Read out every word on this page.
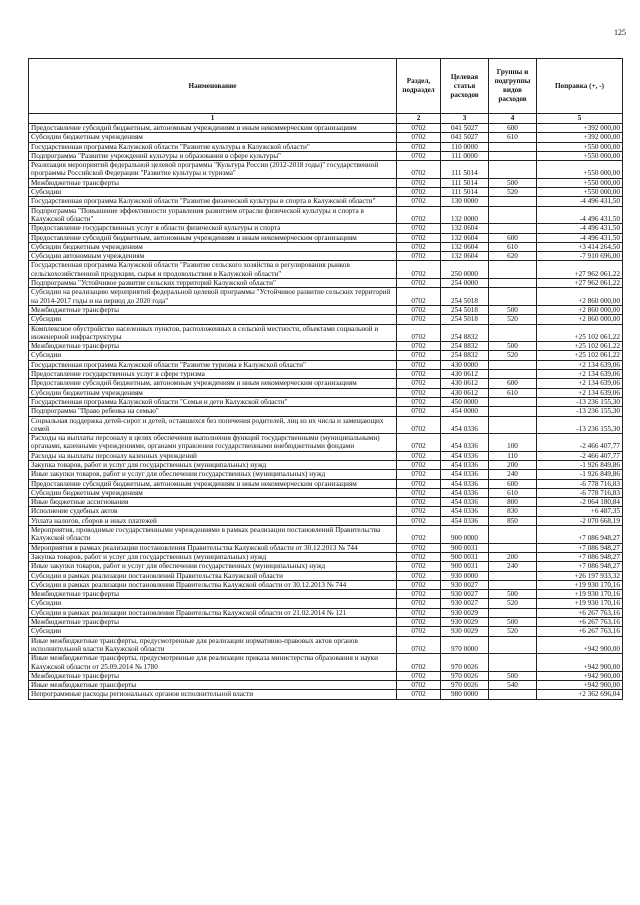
125
Наименование	Раздел, подраздел	Целевая статья расходов	Группы и подгруппы видов расходов	Поправка (+, -)
1	2	3	4	5
Предоставление субсидий бюджетным, автономным учреждениям и иным некоммерческим организациям	0702	041 5027	600	+392 000,00
Субсидии бюджетным учреждениям	0702	041 5027	610	+392 000,00
Государственная программа Калужской области "Развитие культуры в Калужской области"	0702	110 0000		+550 000,00
Подпрограмма "Развитие учреждений культуры и образования в сфере культуры"	0702	111 0000		+550 000,00
Реализация мероприятий федеральной целевой программы "Культура России (2012-2018 годы)" государственной программы Российской Федерации "Развитие культуры и туризма"	0702	111 5014		+550 000,00
Межбюджетные трансферты	0702	111 5014	500	+550 000,00
Субсидии	0702	111 5014	520	+550 000,00
Государственная программа Калужской области "Развитие физической культуры и спорта в Калужской области"	0702	130 0000		-4 496 431,50
Подпрограмма "Повышение эффективности управления развитием отрасли физической культуры и спорта в Калужской области"	0702	132 0000		-4 496 431,50
Предоставление государственных услуг в области физической культуры и спорта	0702	132 0604		-4 496 431,50
Предоставление субсидий бюджетным, автономным учреждениям и иным некоммерческим организациям	0702	132 0604	600	-4 496 431,50
Субсидии бюджетным учреждениям	0702	132 0604	610	+3 414 264,50
Субсидии автономным учреждениям	0702	132 0604	620	-7 910 696,00
Государственная программа Калужской области "Развитие сельского хозяйства и регулирования рынков сельскохозяйственной продукции, сырья и продовольствия в Калужской области"	0702	250 0000		+27 962 061,22
Подпрограмма "Устойчивое развитие сельских территорий Калужской области"	0702	254 0000		+27 962 061,22
Субсидии на реализацию мероприятий федеральной целевой программы "Устойчивое развитие сельских территорий на 2014-2017 годы и на период до 2020 года"	0702	254 5018		+2 860 000,00
Межбюджетные трансферты	0702	254 5018	500	+2 860 000,00
Субсидии	0702	254 5018	520	+2 860 000,00
Комплексное обустройство населенных пунктов, расположенных в сельской местности, объектами социальной и инженерной инфраструктуры	0702	254 8832		+25 102 061,22
Межбюджетные трансферты	0702	254 8832	500	+25 102 061,22
Субсидии	0702	254 8832	520	+25 102 061,22
Государственная программа Калужской области "Развитие туризма в Калужской области"	0702	430 0000		+2 134 639,06
Предоставление государственных услуг в сфере туризма	0702	430 0612		+2 134 639,06
Предоставление субсидий бюджетным, автономным учреждениям и иным некоммерческим организациям	0702	430 0612	600	+2 134 639,06
Субсидии бюджетным учреждениям	0702	430 0612	610	+2 134 639,06
Государственная программа Калужской области "Семья и дети Калужской области"	0702	450 0000		-13 236 155,30
Подпрограмма "Право ребенка на семью"	0702	454 0000		-13 236 155,30
Социальная поддержка детей-сирот и детей, оставшихся без попечения родителей, лиц из их числа и замещающих семей	0702	454 0336		-13 236 155,30
Расходы на выплаты персоналу в целях обеспечения выполнения функций государственными (муниципальными) органами, казенными учреждениями, органами управления государственными внебюджетными фондами	0702	454 0336	100	-2 466 407,77
Расходы на выплаты персоналу казенных учреждений	0702	454 0336	110	-2 466 407,77
Закупка товаров, работ и услуг для государственных (муниципальных) нужд	0702	454 0336	200	-1 926 849,86
Иные закупки товаров, работ и услуг для обеспечения государственных (муниципальных) нужд	0702	454 0336	240	-1 926 849,86
Предоставление субсидий бюджетным, автономным учреждениям и иным некоммерческим организациям	0702	454 0336	600	-6 778 716,83
Субсидии бюджетным учреждениям	0702	454 0336	610	-6 778 716,83
Иные бюджетные ассигнования	0702	454 0336	800	-2 064 180,84
Исполнение судебных актов	0702	454 0336	830	+6 487,35
Уплата налогов, сборов и иных платежей	0702	454 0336	850	-2 070 668,19
Мероприятия, проводимые государственными учреждениями в рамках реализации постановлений Правительства Калужской области	0702	900 0000		+7 086 948,27
Мероприятия в рамках реализации постановления Правительства Калужской области от 30.12.2013 № 744	0702	900 0031		+7 086 948,27
Закупка товаров, работ и услуг для государственных (муниципальных) нужд	0702	900 0031	200	+7 086 948,27
Иные закупки товаров, работ и услуг для обеспечения государственных (муниципальных) нужд	0702	900 0031	240	+7 086 948,27
Субсидии в рамках реализации постановлений Правительства Калужской области	0702	930 0000		+26 197 933,32
Субсидии в рамках реализации постановления Правительства Калужской области от 30.12.2013 № 744	0702	930 0027		+19 930 170,16
Межбюджетные трансферты	0702	930 0027	500	+19 930 170,16
Субсидии	0702	930 0027	520	+19 930 170,16
Субсидии в рамках реализации постановления Правительства Калужской области от 21.02.2014 № 121	0702	930 0029		+6 267 763,16
Межбюджетные трансферты	0702	930 0029	500	+6 267 763,16
Субсидии	0702	930 0029	520	+6 267 763,16
Иные межбюджетные трансферты, предусмотренные для реализации нормативно-правовых актов органов исполнительной власти Калужской области	0702	970 0000		+942 900,00
Иные межбюджетные трансферты, предусмотренные для реализации приказа министерства образования и науки Калужской области от 25.09.2014 № 1780	0702	970 0026		+942 900,00
Межбюджетные трансферты	0702	970 0026	500	+942 900,00
Иные межбюджетные трансферты	0702	970 0026	540	+942 900,00
Непрограммные расходы региональных органов исполнительной власти	0702	980 0000		+2 362 696,04
